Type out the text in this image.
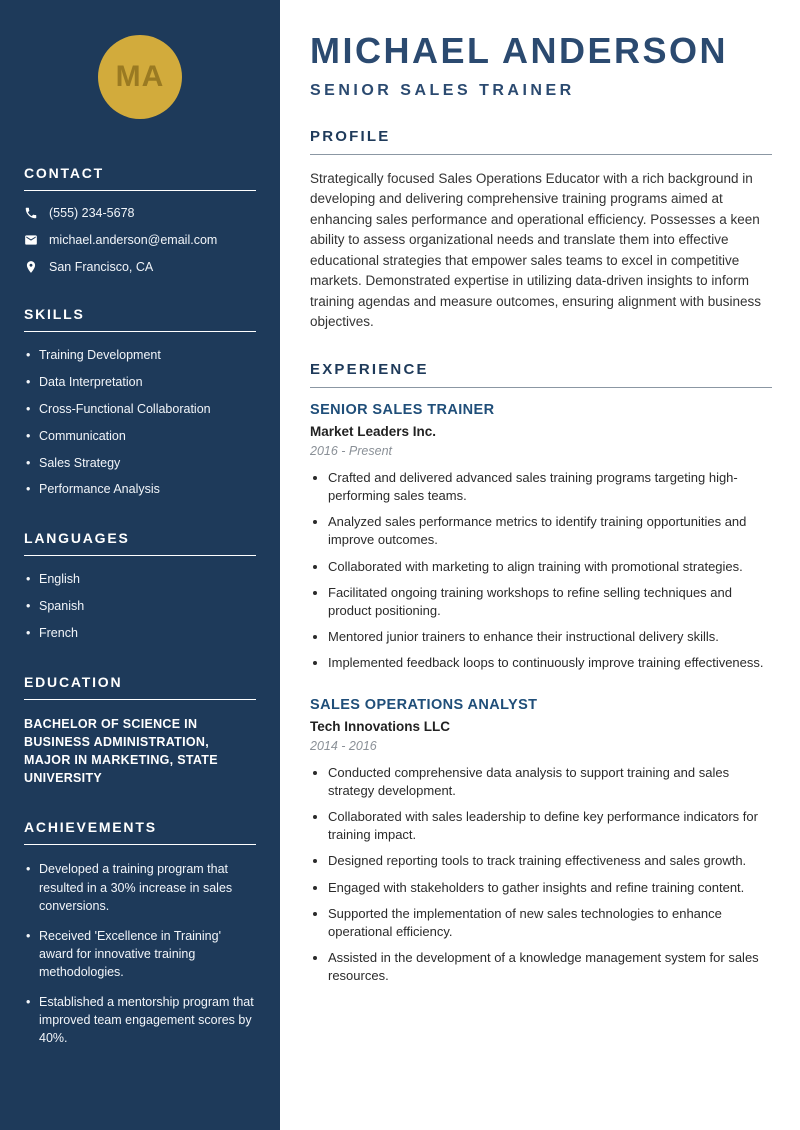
MA
CONTACT
(555) 234-5678
michael.anderson@email.com
San Francisco, CA
SKILLS
• Training Development
• Data Interpretation
• Cross-Functional Collaboration
• Communication
• Sales Strategy
• Performance Analysis
LANGUAGES
• English
• Spanish
• French
EDUCATION

BACHELOR OF SCIENCE IN BUSINESS ADMINISTRATION, MAJOR IN MARKETING, STATE UNIVERSITY

ACHIEVEMENTS
• Developed a training program that resulted in a 30% increase in sales conversions.
• Received 'Excellence in Training' award for innovative training methodologies.
• Established a mentorship program that improved team engagement scores by 40%.
MICHAEL ANDERSON
SENIOR SALES TRAINER
PROFILE

Strategically focused Sales Operations Educator with a rich background in developing and delivering comprehensive training programs aimed at enhancing sales performance and operational efficiency. Possesses a keen ability to assess organizational needs and translate them into effective educational strategies that empower sales teams to excel in competitive markets. Demonstrated expertise in utilizing data-driven insights to inform training agendas and measure outcomes, ensuring alignment with business objectives.

EXPERIENCE
SENIOR SALES TRAINER
Market Leaders Inc.
2016 - Present
• Crafted and delivered advanced sales training programs targeting high-performing sales teams.
• Analyzed sales performance metrics to identify training opportunities and improve outcomes.
• Collaborated with marketing to align training with promotional strategies.
• Facilitated ongoing training workshops to refine selling techniques and product positioning.
• Mentored junior trainers to enhance their instructional delivery skills.
• Implemented feedback loops to continuously improve training effectiveness.
SALES OPERATIONS ANALYST
Tech Innovations LLC
2014 - 2016
• Conducted comprehensive data analysis to support training and sales strategy development.
• Collaborated with sales leadership to define key performance indicators for training impact.
• Designed reporting tools to track training effectiveness and sales growth.
• Engaged with stakeholders to gather insights and refine training content.
• Supported the implementation of new sales technologies to enhance operational efficiency.
• Assisted in the development of a knowledge management system for sales resources.
